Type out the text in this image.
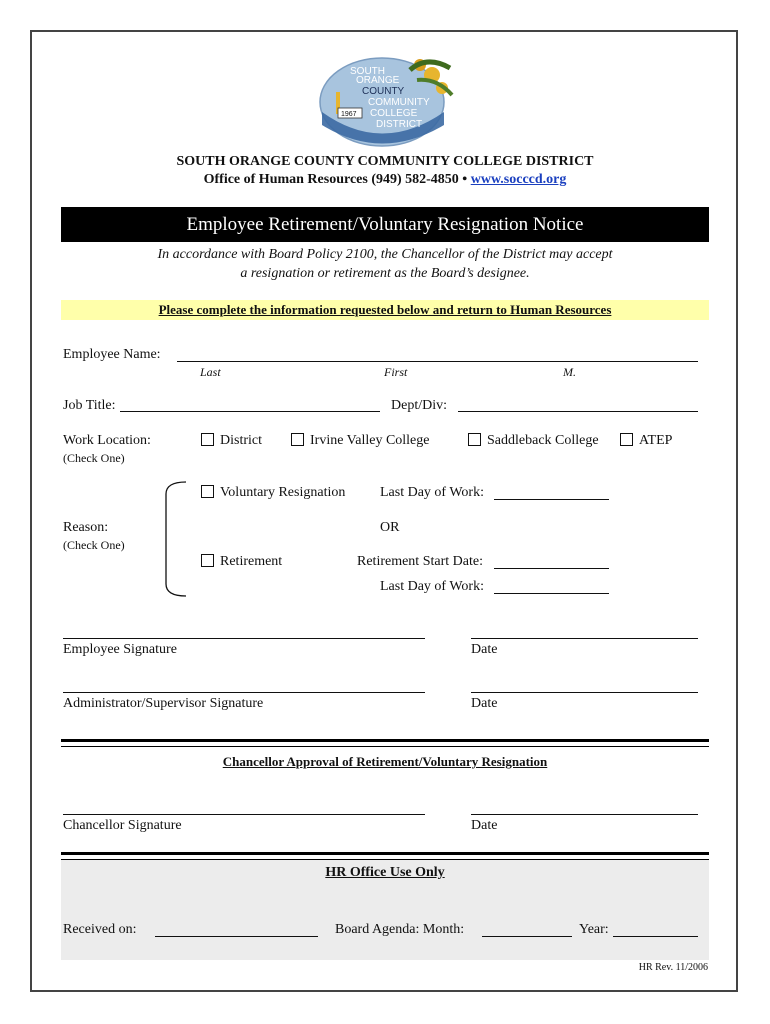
SOUTH
ORANGE
COUNTY
COMMUNITY
COLLEGE
DISTRICT
1967
SOUTH ORANGE COUNTY COMMUNITY COLLEGE DISTRICT
Office of Human Resources (949) 582-4850 • www.socccd.org
Employee Retirement/Voluntary Resignation Notice
In accordance with Board Policy 2100, the Chancellor of the District may accept
a resignation or retirement as the Board’s designee.
Please complete the information requested below and return to Human Resources
Employee Name:
Last	First	M.
Job Title:	Dept/Div:
Work Location:
(Check One)
District	Irvine Valley College	Saddleback College	ATEP
Voluntary Resignation Last Day of Work:
Reason:
(Check One)
OR
Retirement	Retirement Start Date:
Last Day of Work:
Employee Signature	Date
Administrator/Supervisor Signature	Date
Chancellor Approval of Retirement/Voluntary Resignation
Chancellor Signature	Date
HR Office Use Only
Received on:	Board Agenda: Month:	Year:
HR Rev. 11/2006
